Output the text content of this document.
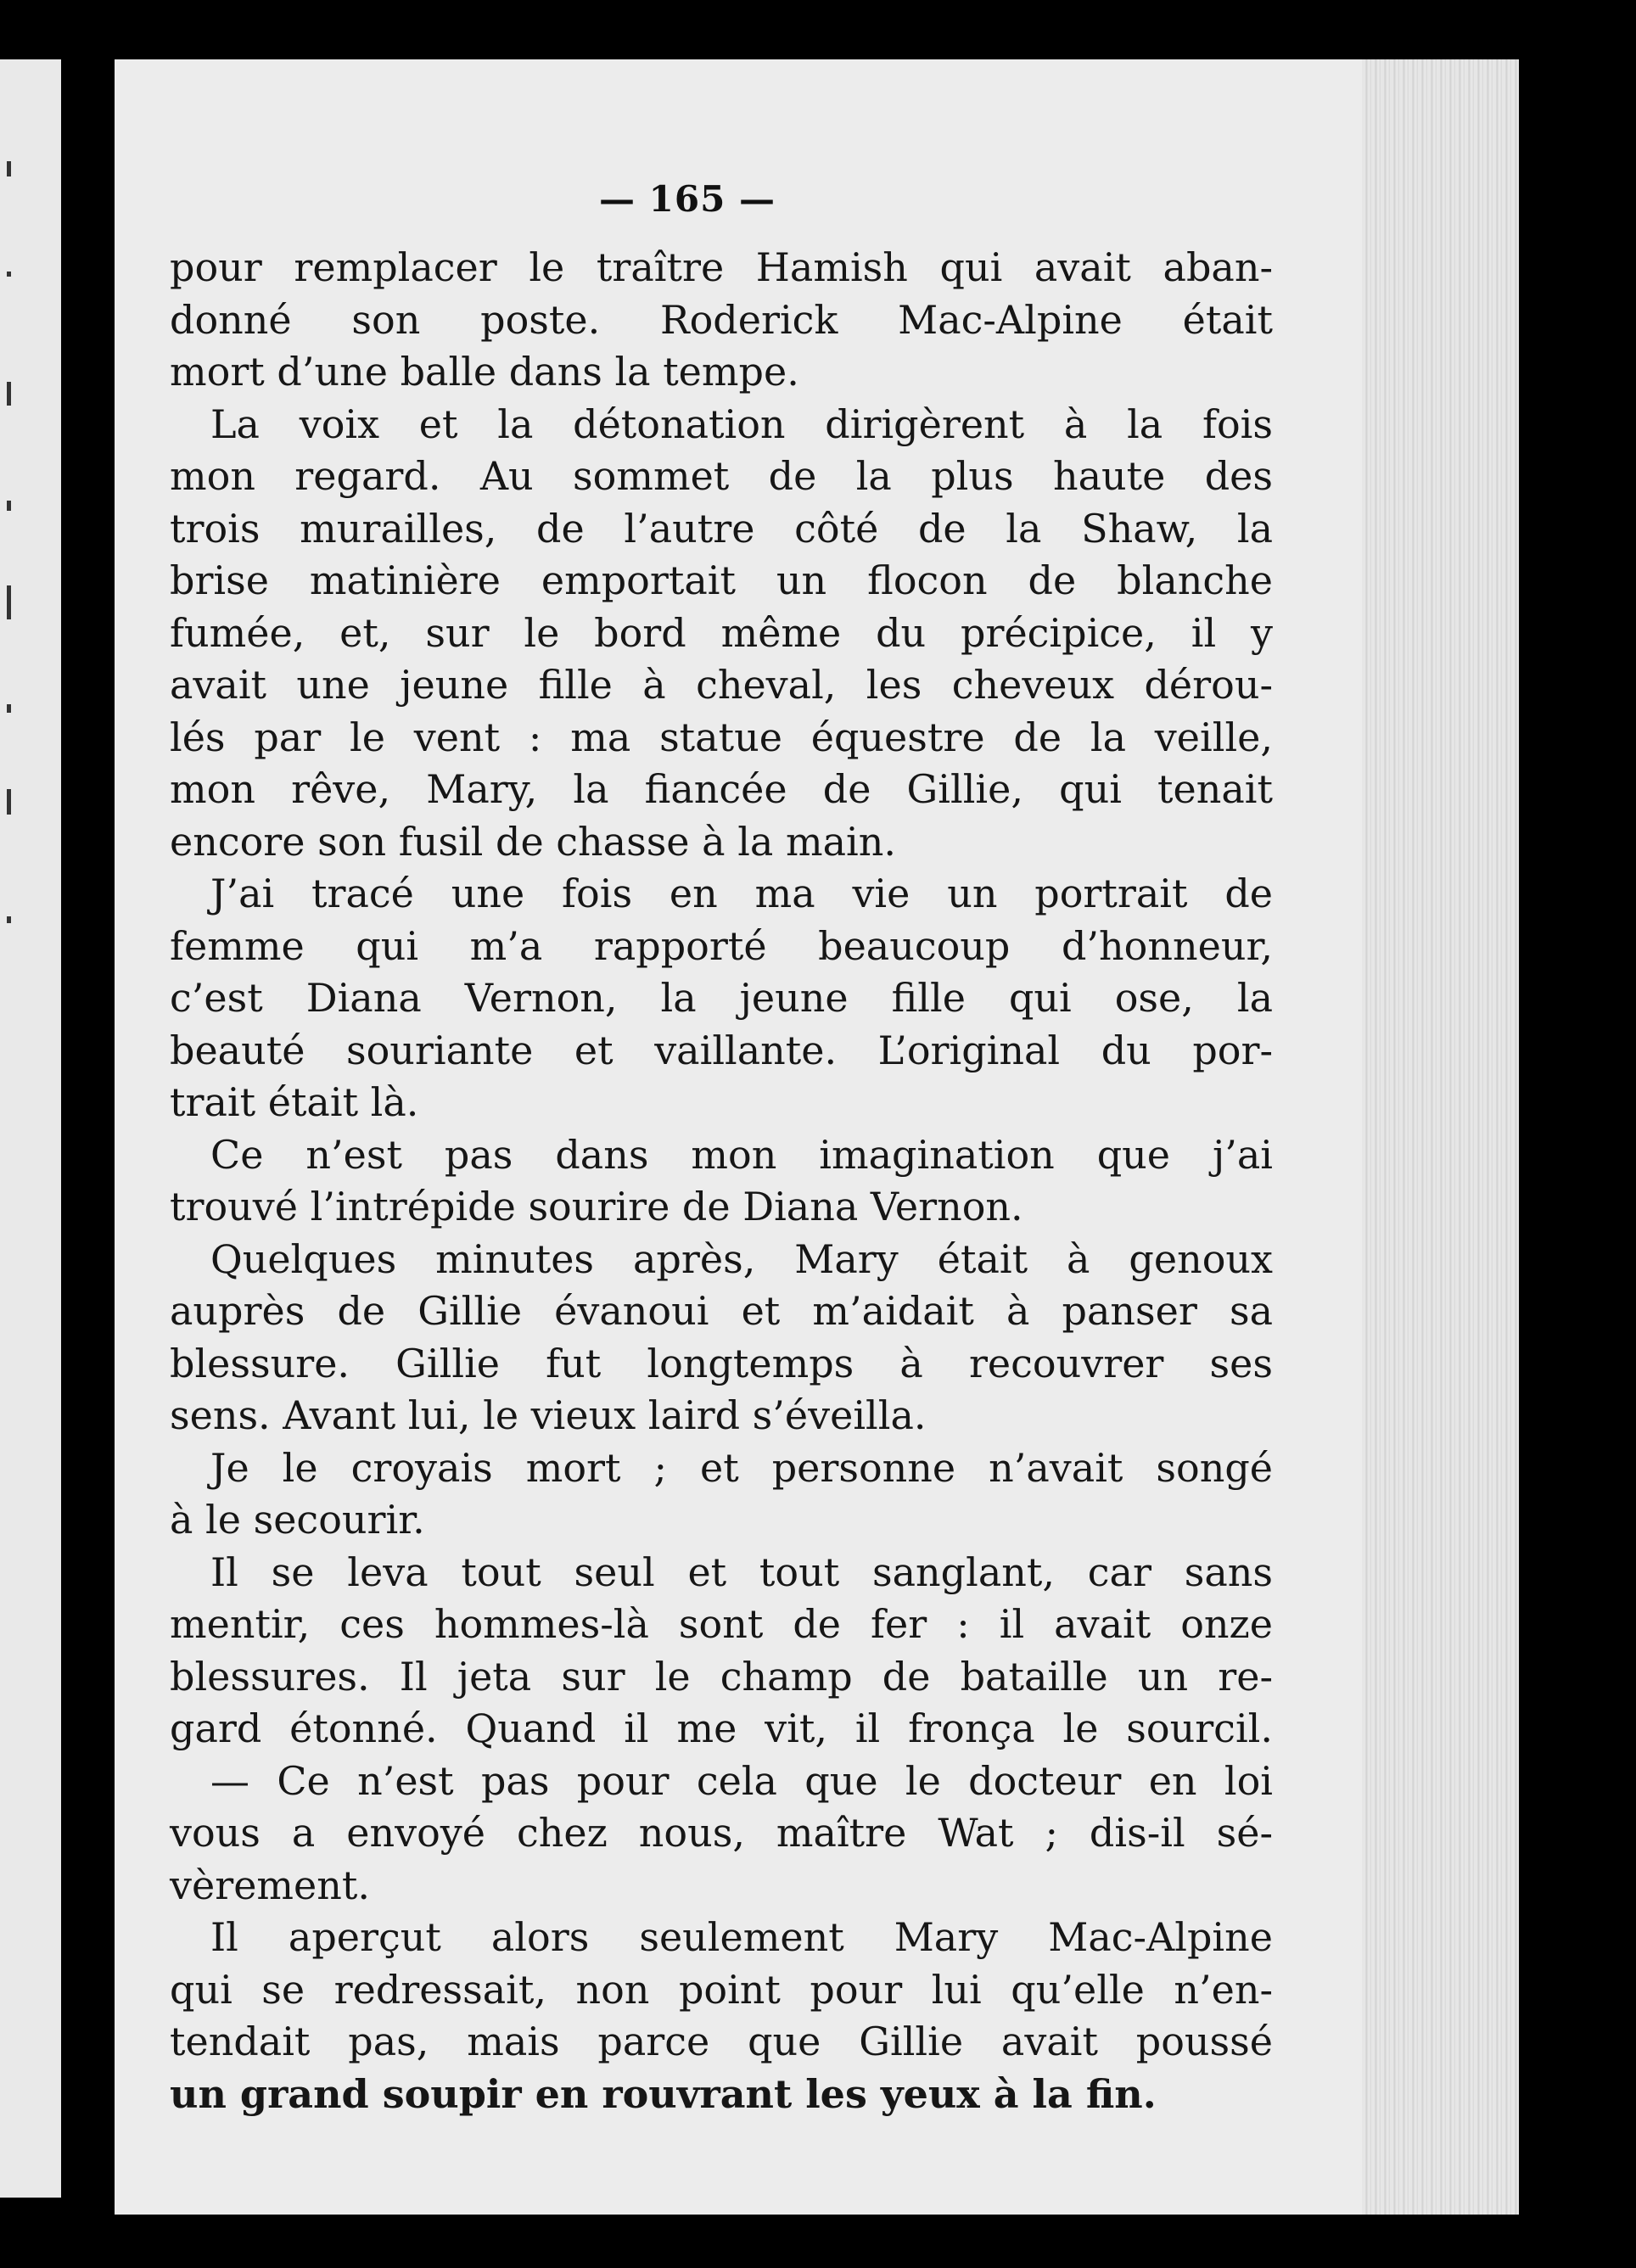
— 165 —
pour remplacer le traître Hamish qui avait aban-
donné son poste. Roderick Mac-Alpine était
mort d’une balle dans la tempe.
La voix et la détonation dirigèrent à la fois
mon regard. Au sommet de la plus haute des
trois murailles, de l’autre côté de la Shaw, la
brise matinière emportait un flocon de blanche
fumée, et, sur le bord même du précipice, il y
avait une jeune fille à cheval, les cheveux dérou-
lés par le vent : ma statue équestre de la veille,
mon rêve, Mary, la fiancée de Gillie, qui tenait
encore son fusil de chasse à la main.
J’ai tracé une fois en ma vie un portrait de
femme qui m’a rapporté beaucoup d’honneur,
c’est Diana Vernon, la jeune fille qui ose, la
beauté souriante et vaillante. L’original du por-
trait était là.
Ce n’est pas dans mon imagination que j’ai
trouvé l’intrépide sourire de Diana Vernon.
Quelques minutes après, Mary était à genoux
auprès de Gillie évanoui et m’aidait à panser sa
blessure. Gillie fut longtemps à recouvrer ses
sens. Avant lui, le vieux laird s’éveilla.
Je le croyais mort ; et personne n’avait songé
à le secourir.
Il se leva tout seul et tout sanglant, car sans
mentir, ces hommes-là sont de fer : il avait onze
blessures. Il jeta sur le champ de bataille un re-
gard étonné. Quand il me vit, il fronça le sourcil.
— Ce n’est pas pour cela que le docteur en loi
vous a envoyé chez nous, maître Wat ; dis-il sé-
vèrement.
Il aperçut alors seulement Mary Mac-Alpine
qui se redressait, non point pour lui qu’elle n’en-
tendait pas, mais parce que Gillie avait poussé
un grand soupir en rouvrant les yeux à la fin.
